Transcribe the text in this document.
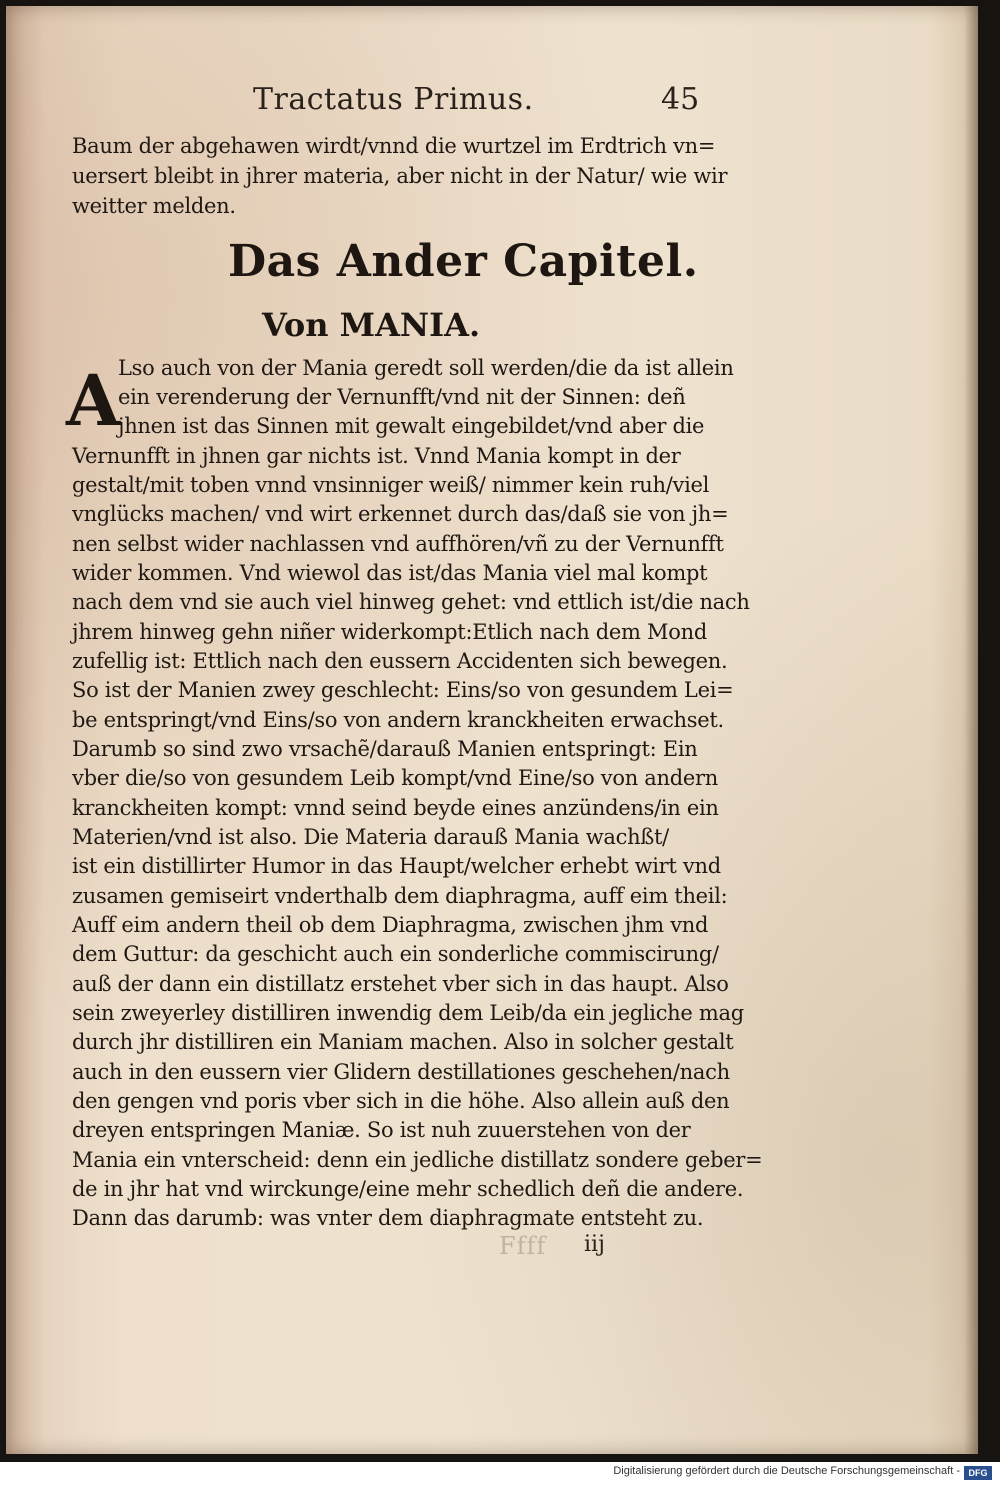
Tractatus Primus.	45
Baum der abgehawen wirdt/vnnd die wurtzel im Erdtrich vn=
uersert bleibt in jhrer materia, aber nicht in der Natur/ wie wir
weitter melden.
Das Ander Capitel.
Von MANIA.
A
Lso auch von der Mania geredt soll werden/die da ist allein
ein verenderung der Vernunfft/vnd nit der Sinnen: deñ
jhnen ist das Sinnen mit gewalt eingebildet/vnd aber die
Vernunfft in jhnen gar nichts ist. Vnnd Mania kompt in der
gestalt/mit toben vnnd vnsinniger weiß/ nimmer kein ruh/viel
vnglücks machen/ vnd wirt erkennet durch das/daß sie von jh=
nen selbst wider nachlassen vnd auffhören/vñ zu der Vernunfft
wider kommen. Vnd wiewol das ist/das Mania viel mal kompt
nach dem vnd sie auch viel hinweg gehet: vnd ettlich ist/die nach
jhrem hinweg gehn niñer widerkompt:Etlich nach dem Mond
zufellig ist: Ettlich nach den eussern Accidenten sich bewegen.
So ist der Manien zwey geschlecht: Eins/so von gesundem Lei=
be entspringt/vnd Eins/so von andern kranckheiten erwachset.
Darumb so sind zwo vrsachẽ/darauß Manien entspringt: Ein
vber die/so von gesundem Leib kompt/vnd Eine/so von andern
kranckheiten kompt: vnnd seind beyde eines anzündens/in ein
Materien/vnd ist also. Die Materia darauß Mania wachßt/
ist ein distillirter Humor in das Haupt/welcher erhebt wirt vnd
zusamen gemiseirt vnderthalb dem diaphragma, auff eim theil:
Auff eim andern theil ob dem Diaphragma, zwischen jhm vnd
dem Guttur: da geschicht auch ein sonderliche commiscirung/
auß der dann ein distillatz erstehet vber sich in das haupt. Also
sein zweyerley distilliren inwendig dem Leib/da ein jegliche mag
durch jhr distilliren ein Maniam machen. Also in solcher gestalt
auch in den eussern vier Glidern destillationes geschehen/nach
den gengen vnd poris vber sich in die höhe. Also allein auß den
dreyen entspringen Maniæ. So ist nuh zuuerstehen von der
Mania ein vnterscheid: denn ein jedliche distillatz sondere geber=
de in jhr hat vnd wirckunge/eine mehr schedlich deñ die andere.
Dann das darumb: was vnter dem diaphragmate entsteht zu.
Ffff iij
Digitalisierung gefördert durch die Deutsche Forschungsgemeinschaft - DFG
